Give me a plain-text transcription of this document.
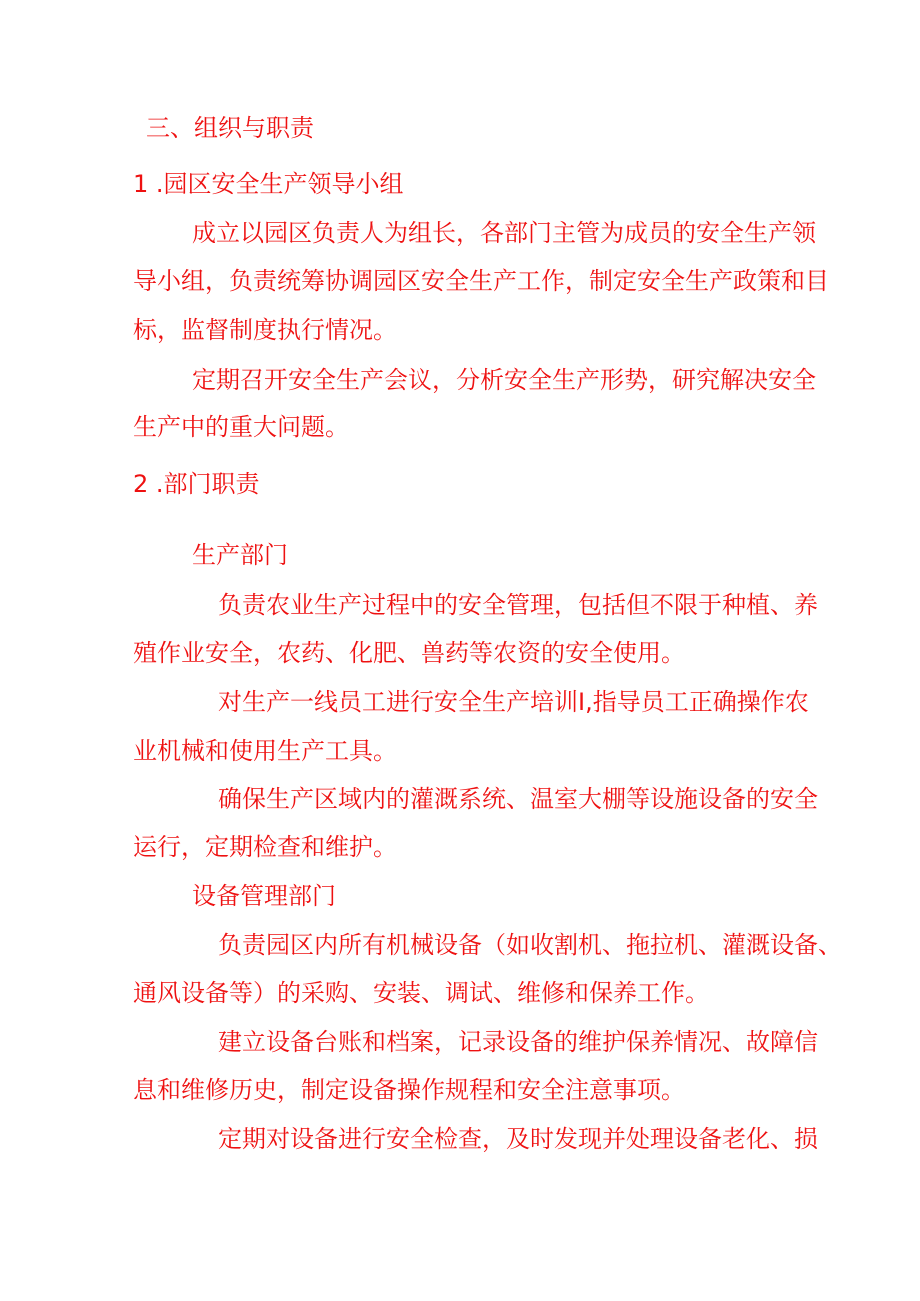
三、组织与职责

1 .园区安全生产领导小组

成立以园区负责人为组长，各部门主管为成员的安全生产领

导小组，负责统筹协调园区安全生产工作，制定安全生产政策和目

标，监督制度执行情况。

定期召开安全生产会议，分析安全生产形势，研究解决安全

生产中的重大问题。

2 .部门职责

生产部门

负责农业生产过程中的安全管理，包括但不限于种植、养

殖作业安全，农药、化肥、兽药等农资的安全使用。

对生产一线员工进行安全生产培训I,指导员工正确操作农

业机械和使用生产工具。

确保生产区域内的灌溉系统、温室大棚等设施设备的安全

运行，定期检查和维护。

设备管理部门

负责园区内所有机械设备（如收割机、拖拉机、灌溉设备、

通风设备等）的采购、安装、调试、维修和保养工作。

建立设备台账和档案，记录设备的维护保养情况、故障信

息和维修历史，制定设备操作规程和安全注意事项。

定期对设备进行安全检查，及时发现并处理设备老化、损
